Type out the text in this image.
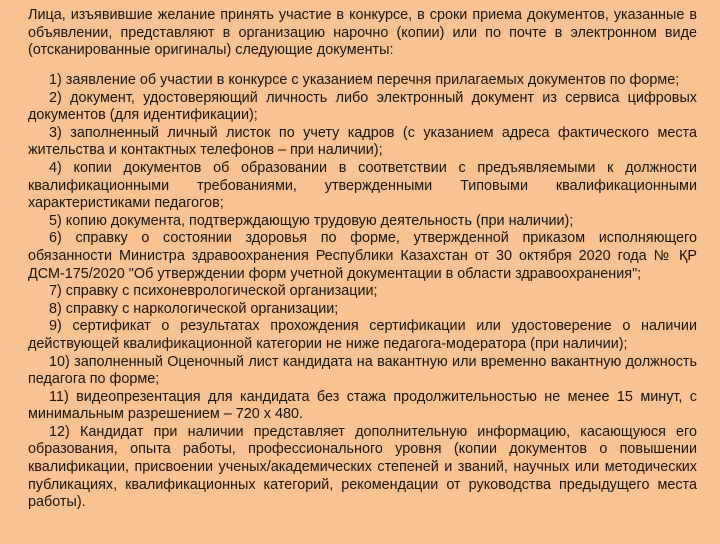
Лица, изъявившие желание принять участие в конкурсе, в сроки приема документов, указанные в объявлении, представляют в организацию нарочно (копии) или по почте в электронном виде (отсканированные оригиналы) следующие документы:

1) заявление об участии в конкурсе с указанием перечня прилагаемых документов по форме;
2) документ, удостоверяющий личность либо электронный документ из сервиса цифровых документов (для идентификации);
3) заполненный личный листок по учету кадров (с указанием адреса фактического места жительства и контактных телефонов – при наличии);
4) копии документов об образовании в соответствии с предъявляемыми к должности квалификационными требованиями, утвержденными Типовыми квалификационными характеристиками педагогов;
5) копию документа, подтверждающую трудовую деятельность (при наличии);
6) справку о состоянии здоровья по форме, утвержденной приказом исполняющего обязанности Министра здравоохранения Республики Казахстан от 30 октября 2020 года № ҚР ДСМ-175/2020 "Об утверждении форм учетной документации в области здравоохранения";
7) справку с психоневрологической организации;
8) справку с наркологической организации;
9) сертификат о результатах прохождения сертификации или удостоверение о наличии действующей квалификационной категории не ниже педагога-модератора (при наличии);
10) заполненный Оценочный лист кандидата на вакантную или временно вакантную должность педагога по форме;
11) видеопрезентация для кандидата без стажа продолжительностью не менее 15 минут, с минимальным разрешением – 720 x 480.
12) Кандидат при наличии представляет дополнительную информацию, касающуюся его образования, опыта работы, профессионального уровня (копии документов о повышении квалификации, присвоении ученых/академических степеней и званий, научных или методических публикациях, квалификационных категорий, рекомендации от руководства предыдущего места работы).
